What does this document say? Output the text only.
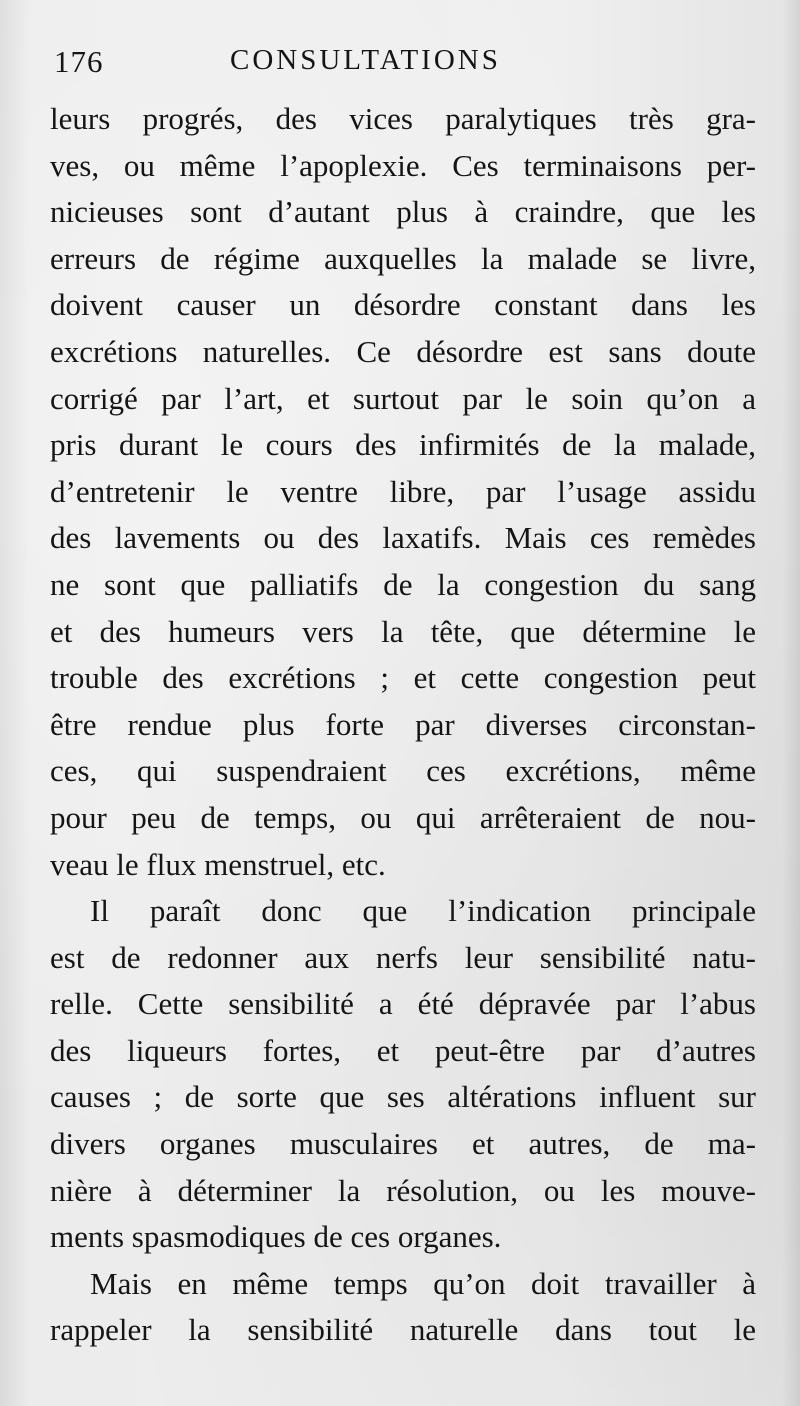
176	CONSULTATIONS
leurs progrés, des vices paralytiques très gra-
ves, ou même l’apoplexie. Ces terminaisons per-
nicieuses sont d’autant plus à craindre, que les
erreurs de régime auxquelles la malade se livre,
doivent causer un désordre constant dans les
excrétions naturelles. Ce désordre est sans doute
corrigé par l’art, et surtout par le soin qu’on a
pris durant le cours des infirmités de la malade,
d’entretenir le ventre libre, par l’usage assidu
des lavements ou des laxatifs. Mais ces remèdes
ne sont que palliatifs de la congestion du sang
et des humeurs vers la tête, que détermine le
trouble des excrétions ; et cette congestion peut
être rendue plus forte par diverses circonstan-
ces, qui suspendraient ces excrétions, même
pour peu de temps, ou qui arrêteraient de nou-
veau le flux menstruel, etc.
Il paraît donc que l’indication principale
est de redonner aux nerfs leur sensibilité natu-
relle. Cette sensibilité a été dépravée par l’abus
des liqueurs fortes, et peut-être par d’autres
causes ; de sorte que ses altérations influent sur
divers organes musculaires et autres, de ma-
nière à déterminer la résolution, ou les mouve-
ments spasmodiques de ces organes.
Mais en même temps qu’on doit travailler à
rappeler la sensibilité naturelle dans tout le
